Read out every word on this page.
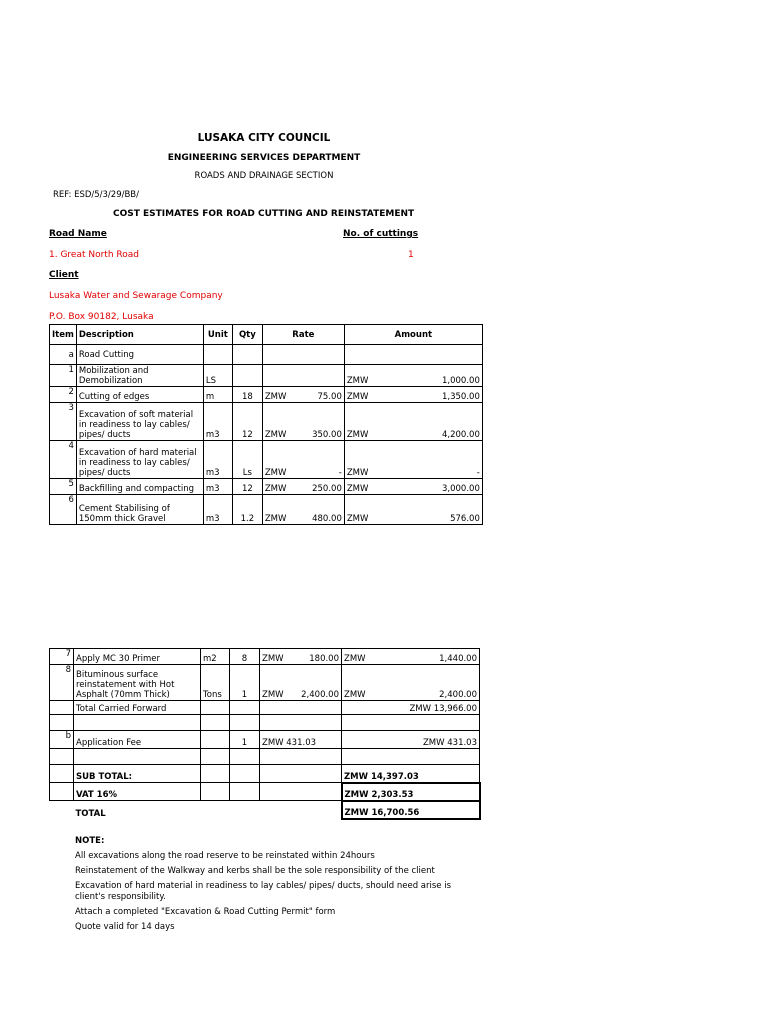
LUSAKA CITY COUNCIL
ENGINEERING SERVICES DEPARTMENT
ROADS AND DRAINAGE SECTION
REF: ESD/5/3/29/BB/
COST ESTIMATES FOR ROAD CUTTING AND REINSTATEMENT
Road Name	No. of cuttings
1. Great North Road	1
Client
Lusaka Water and Sewarage Company
P.O. Box 90182, Lusaka
Item	Description	Unit	Qty	Rate	Amount
a	Road Cutting				
1	Mobilization and Demobilization	LS			ZMW 1,000.00

2	Cutting of edges	m	18	ZMW 75.00	ZMW 1,350.00

3	Excavation of soft material in readiness to lay cables/ pipes/ ducts	m3	12	ZMW 350.00	ZMW 4,200.00

4	Excavation of hard material in readiness to lay cables/ pipes/ ducts	m3	Ls	ZMW -	ZMW -

5	Backfilling and compacting	m3	12	ZMW 250.00	ZMW 3,000.00

6	Cement Stabilising of 150mm thick Gravel	m3	1.2	ZMW 480.00	ZMW 576.00
7	Apply MC 30 Primer	m2	8	ZMW 180.00	ZMW 1,440.00

8	Bituminous surface reinstatement with Hot Asphalt (70mm Thick)	Tons	1	ZMW 2,400.00	ZMW 2,400.00

	Total Carried Forward				ZMW 13,966.00

b	Application Fee		1	ZMW 431.03	ZMW 431.03

	SUB TOTAL:				ZMW 14,397.03
	VAT 16%				ZMW 2,303.53
	TOTAL				ZMW 16,700.56
NOTE:
All excavations along the road reserve to be reinstated within 24hours
Reinstatement of the Walkway and kerbs shall be the sole responsibility of the client
Excavation of hard material in readiness to lay cables/ pipes/ ducts, should need arise is client's responsibility.
Attach a completed "Excavation & Road Cutting Permit" form
Quote valid for 14 days
